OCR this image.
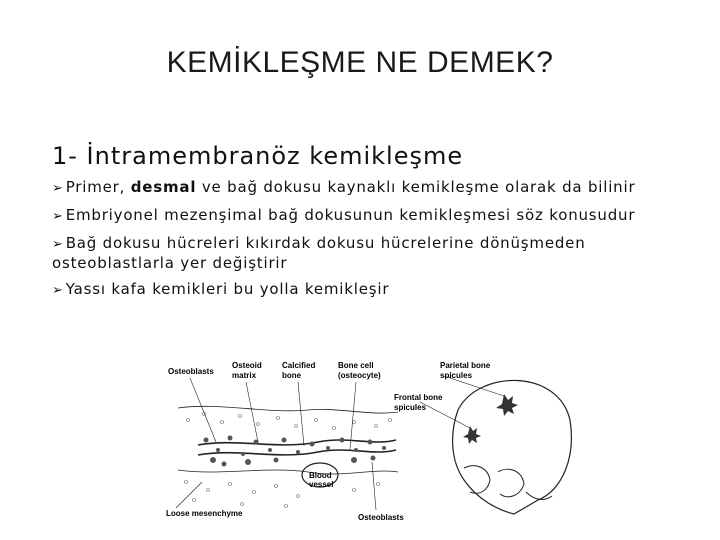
KEMİKLEŞME NE DEMEK?
1- İntramembranöz kemikleşme
➢ Primer, desmal ve bağ dokusu kaynaklı kemikleşme olarak da bilinir
➢ Embriyonel mezenşimal bağ dokusunun kemikleşmesi söz konusudur
➢ Bağ dokusu hücreleri kıkırdak dokusu hücrelerine dönüşmeden osteoblastlarla yer değiştirir
➢ Yassı kafa kemikleri bu yolla kemikleşir
Osteoblasts
Osteoid
matrix
Calcified
bone
Bone cell
(osteocyte)
Blood
vessel
Loose mesenchyme	Osteoblasts
Parietal bone
spicules
Frontal bone
spicules
